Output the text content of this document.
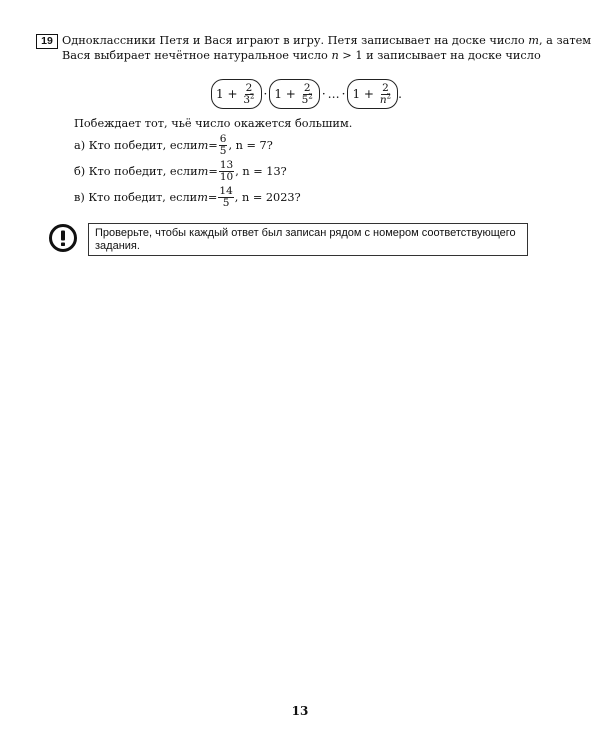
19 Одноклассники Петя и Вася играют в игру. Петя записывает на доске число m, а затем
Вася выбирает нечётное натуральное число n > 1 и записывает на доске число
1 +
$\frac{2}{3^2} \cdot 1$ +
$\frac{2}{5^2}$ · … · 1 +
$\frac{2}{n^2}$ .
Побеждает тот, чьё число окажется большим.
а) Кто победит, если $m = \frac{6}{5}$ , n = 7?
б) Кто победит, если $m = \frac{13}{10}$ , n = 13?
в) Кто победит, если $m = \frac{14}{5}$ , n = 2023?
Проверьте, чтобы каждый ответ был записан рядом с номером соответствующего
задания.
13
